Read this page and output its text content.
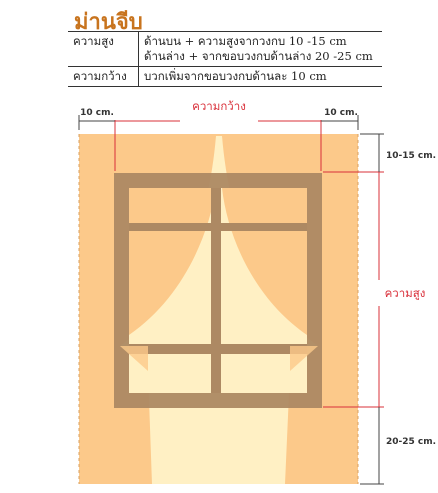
ม่านจีบ
ความสูง	ด้านบน + ความสูงจากวงกบ 10 -15 cm
ด้านล่าง + จากขอบวงกบด้านล่าง 20 -25 cm

ความกว้าง	บวกเพิ่มจากขอบวงกบด้านละ 10 cm
ความกว้าง
10 cm.	10 cm.
ความสูง
10-15 cm.
20-25 cm.
